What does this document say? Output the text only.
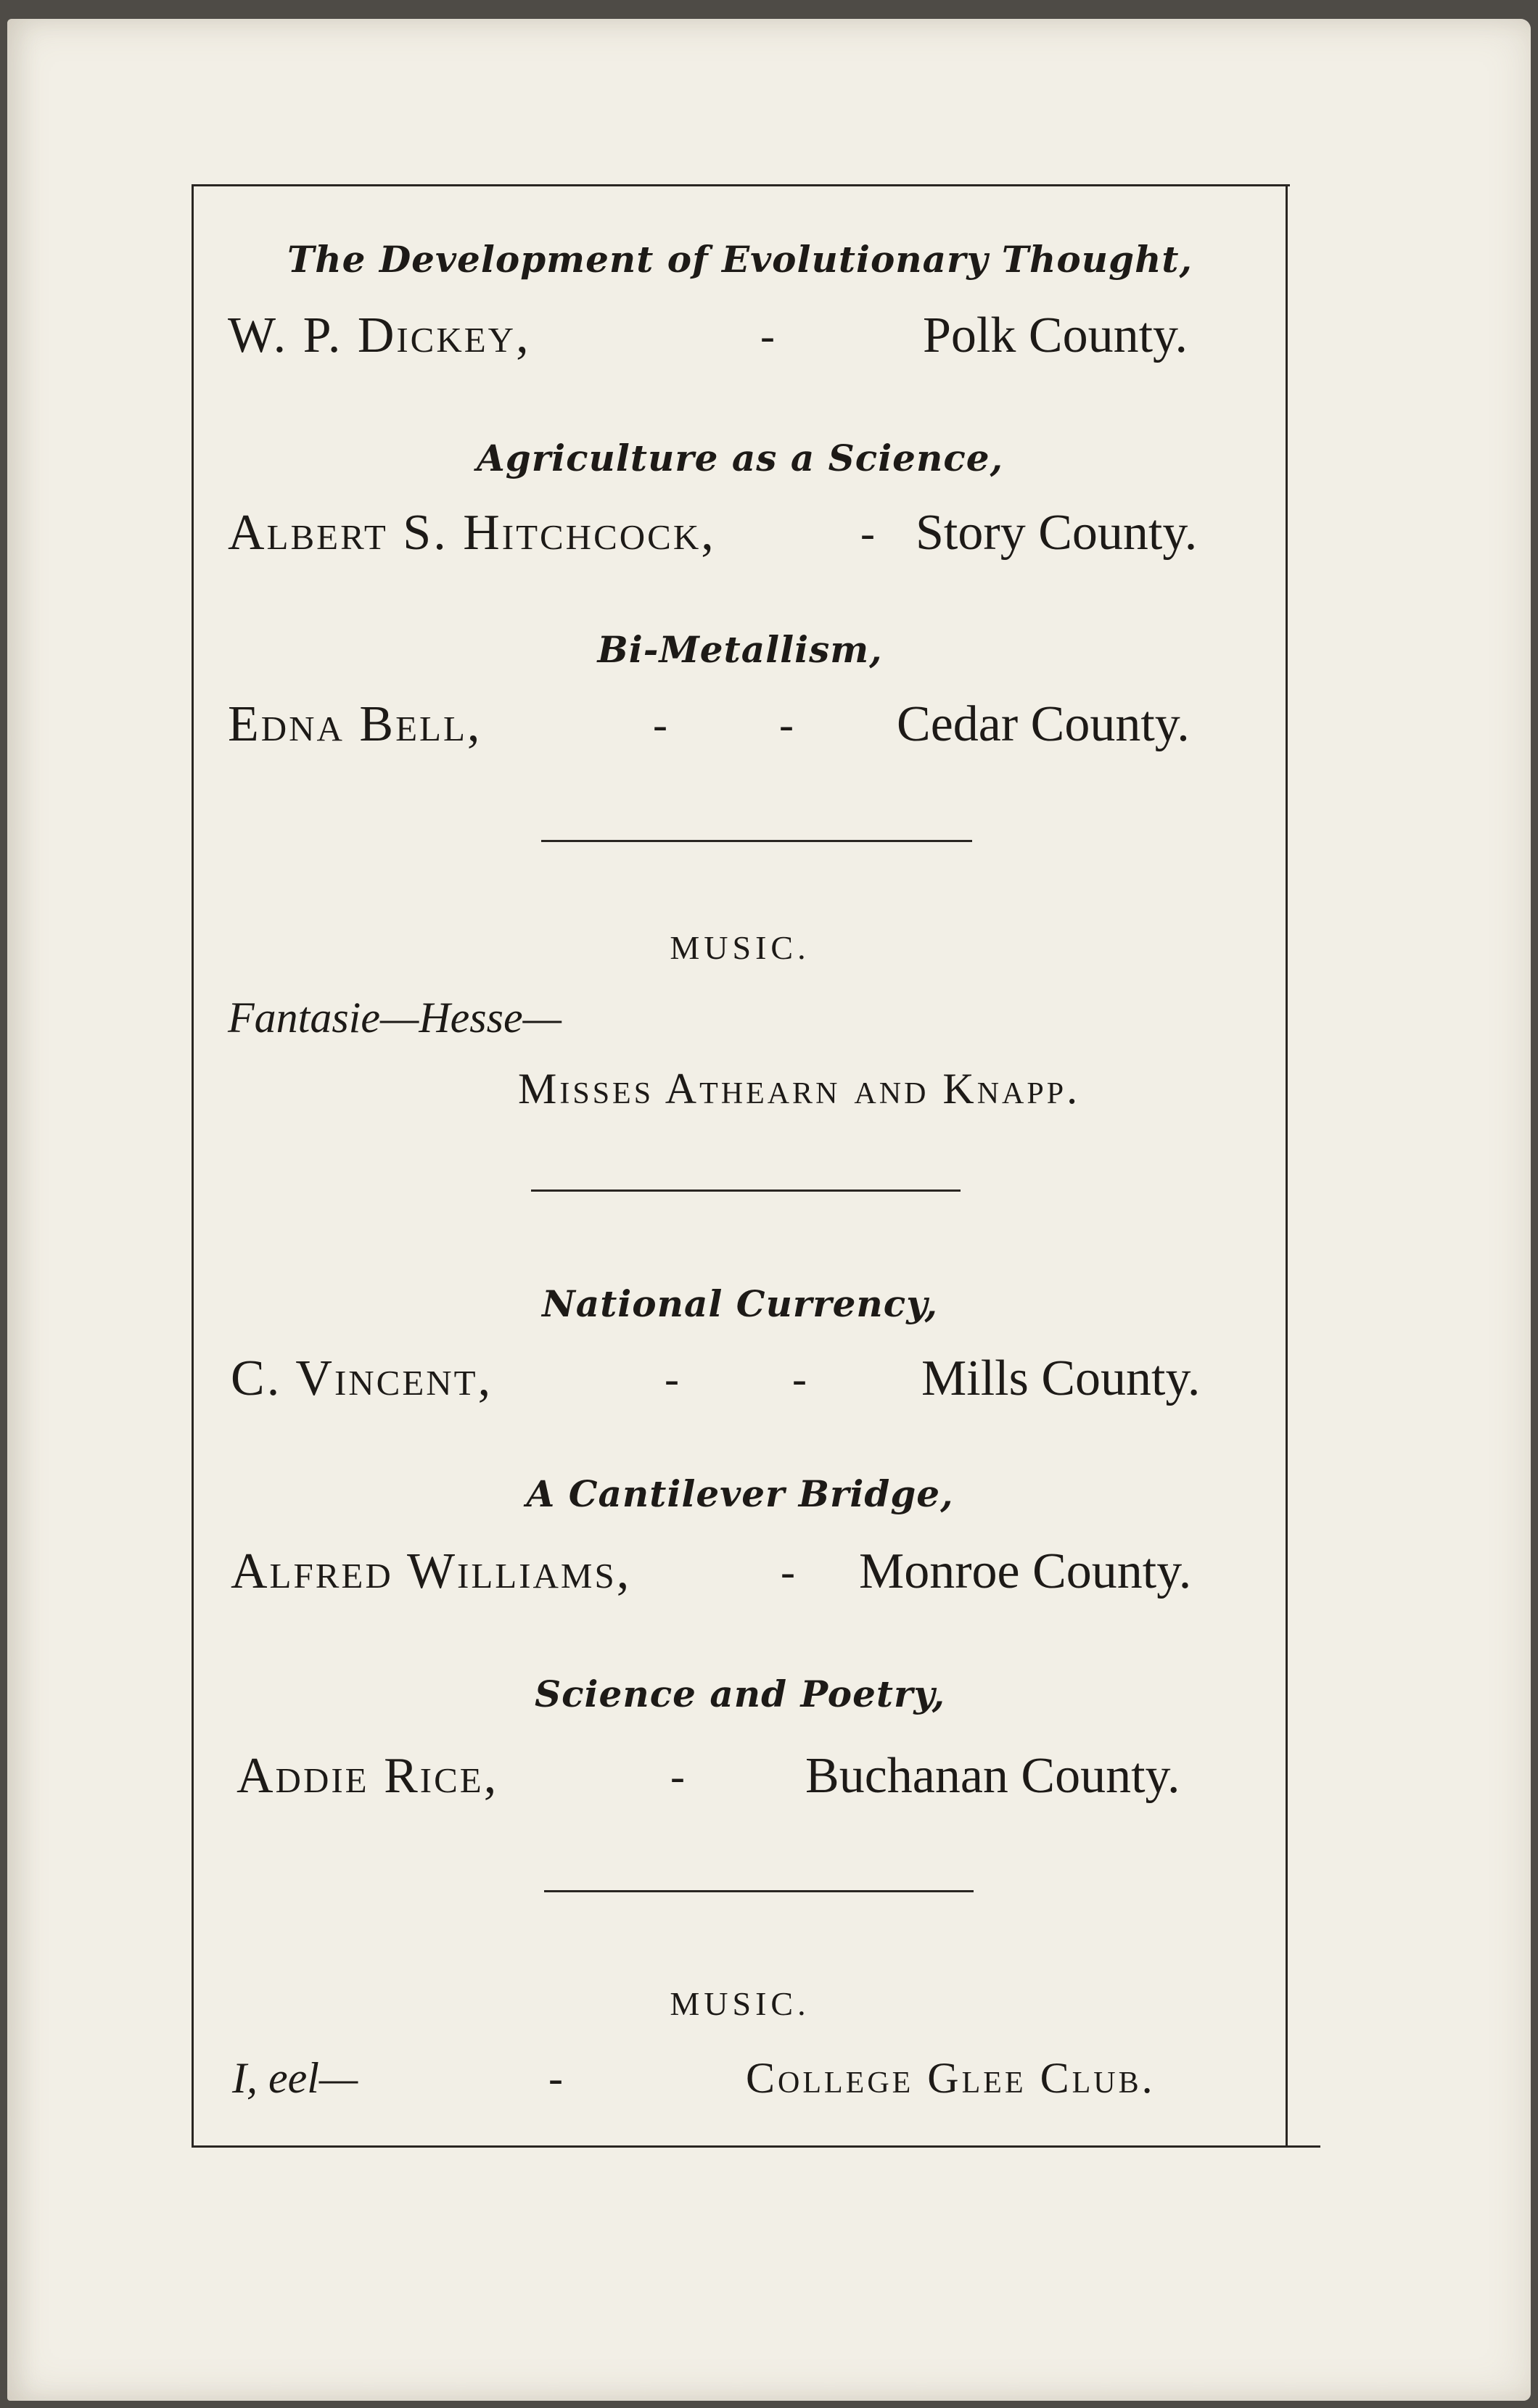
The Development of Evolutionary Thought,
W. P. Dickey,	-	Polk County.
Agriculture as a Science,
Albert S. Hitchcock,	- Story County.
Bi-Metallism,
Edna Bell,	-	- Cedar County.
MUSIC.
Fantasie—Hesse—
Misses Athearn and Knapp.
National Currency,
C. Vincent,	-	- Mills County.
A Cantilever Bridge,
Alfred Williams,	- Monroe County.
Science and Poetry,
Addie Rice,	- Buchanan County.
MUSIC.
I, eel—	-	College Glee Club.
